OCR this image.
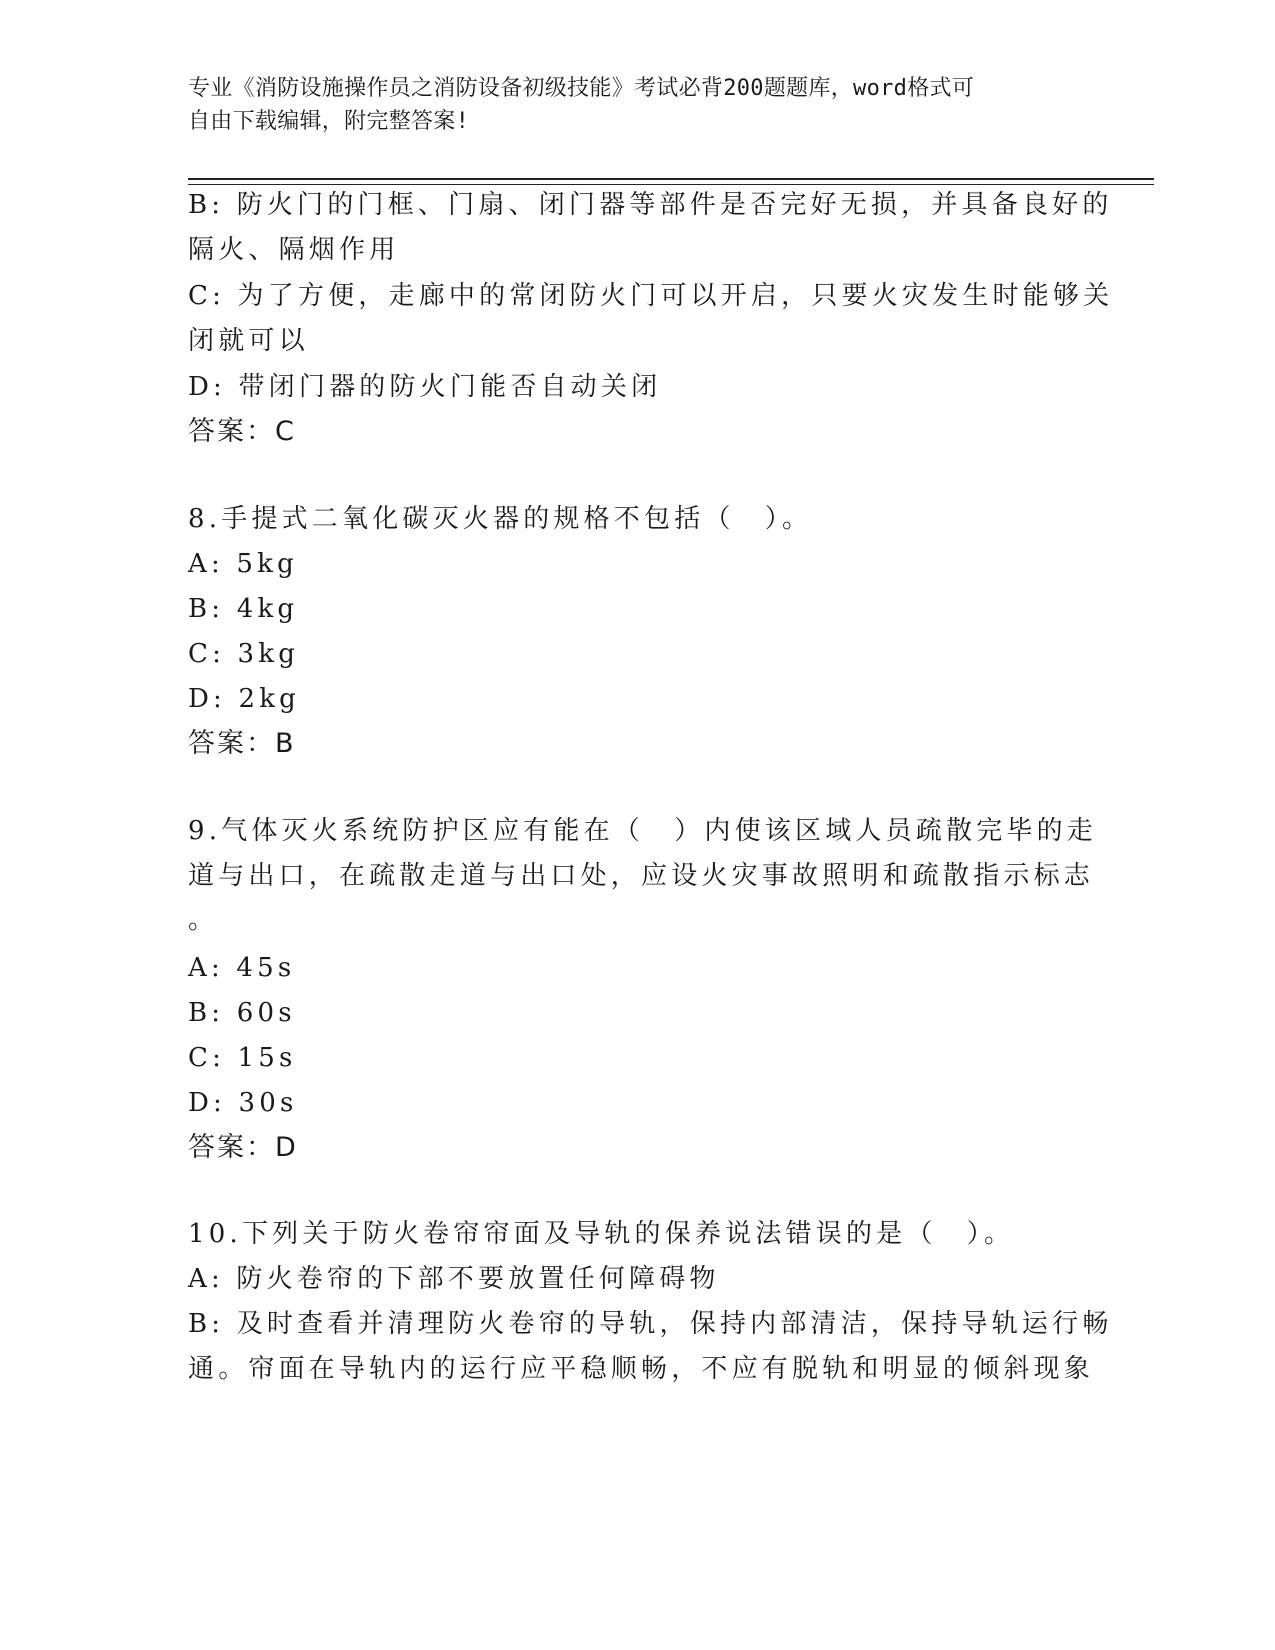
专业《消防设施操作员之消防设备初级技能》考试必背200题题库，word格式可
自由下载编辑，附完整答案!
B: 防火门的门框、门扇、闭门器等部件是否完好无损，并具备良好的
隔火、隔烟作用
C: 为了方便，走廊中的常闭防火门可以开启，只要火灾发生时能够关
闭就可以
D: 带闭门器的防火门能否自动关闭
答案：C
8.手提式二氧化碳灭火器的规格不包括（　）。
A: 5kg
B: 4kg
C: 3kg
D: 2kg
答案：B
9.气体灭火系统防护区应有能在（　）内使该区域人员疏散完毕的走
道与出口，在疏散走道与出口处，应设火灾事故照明和疏散指示标志
。
A: 45s
B: 60s
C: 15s
D: 30s
答案：D
10.下列关于防火卷帘帘面及导轨的保养说法错误的是（　）。
A: 防火卷帘的下部不要放置任何障碍物
B: 及时查看并清理防火卷帘的导轨，保持内部清洁，保持导轨运行畅
通。帘面在导轨内的运行应平稳顺畅，不应有脱轨和明显的倾斜现象
